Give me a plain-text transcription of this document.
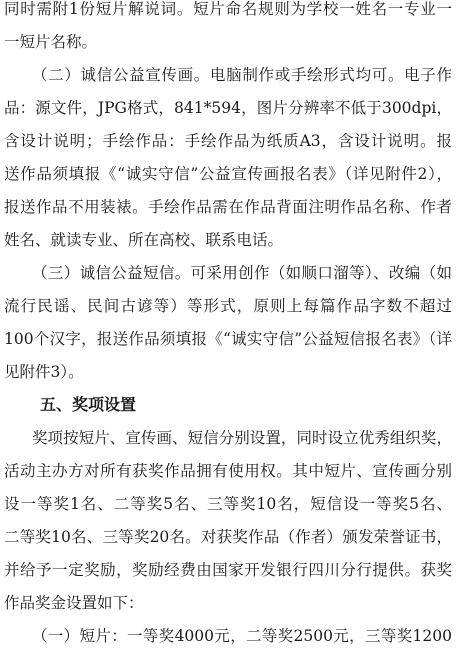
同时需附1份短片解说词。短片命名规则为学校一姓名一专业一
一短片名称。
（二）诚信公益宣传画。电脑制作或手绘形式均可。电子作
品：源文件，JPG格式，841*594，图片分辨率不低于300dpi，
含设计说明；手绘作品：手绘作品为纸质A3，含设计说明。报
送作品须填报《“诚实守信”公益宣传画报名表》（详见附件2），
报送作品不用装裱。手绘作品需在作品背面注明作品名称、作者
姓名、就读专业、所在高校、联系电话。
（三）诚信公益短信。可采用创作（如顺口溜等）、改编（如
流行民谣、民间古谚等）等形式，原则上每篇作品字数不超过
100个汉字，报送作品须填报《“诚实守信”公益短信报名表》（详
见附件3）。
五、奖项设置
奖项按短片、宣传画、短信分别设置，同时设立优秀组织奖，
活动主办方对所有获奖作品拥有使用权。其中短片、宣传画分别
设一等奖1名、二等奖5名、三等奖10名，短信设一等奖5名、
二等奖10名、三等奖20名。对获奖作品（作者）颁发荣誉证书，
并给予一定奖励，奖励经费由国家开发银行四川分行提供。获奖
作品奖金设置如下：
（一）短片：一等奖4000元，二等奖2500元，三等奖1200
